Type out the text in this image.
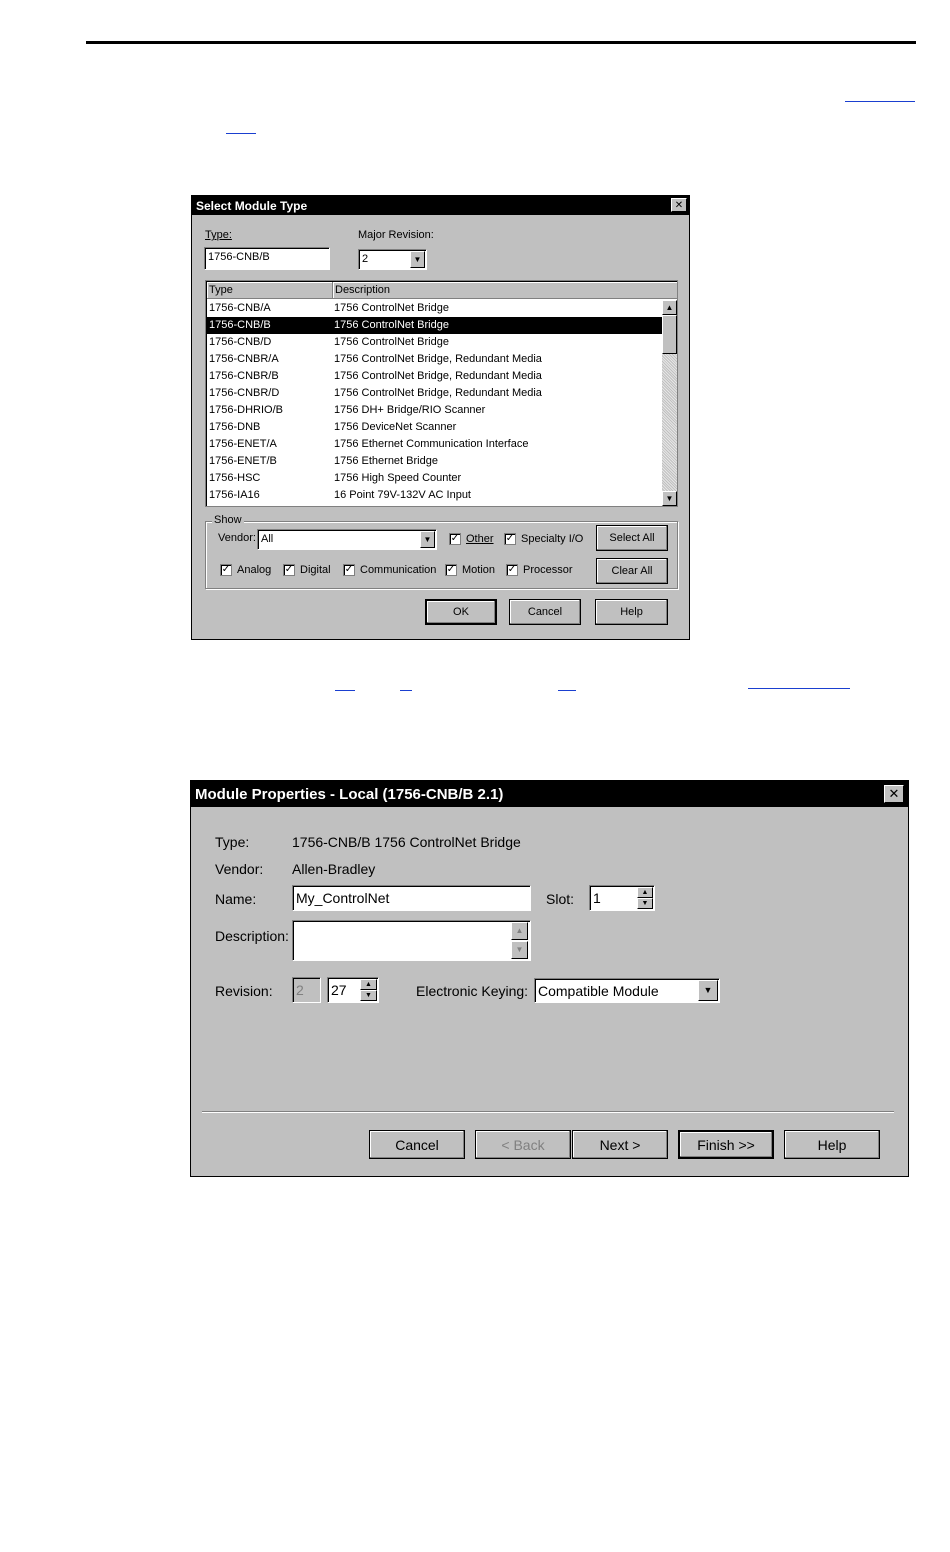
Select Module Type	✕
Type:
1756-CNB/B
Major Revision:
2	▼
Type	Description
1756-CNB/A	1756 ControlNet Bridge
1756-CNB/B	1756 ControlNet Bridge
1756-CNB/D	1756 ControlNet Bridge
1756-CNBR/A	1756 ControlNet Bridge, Redundant Media
1756-CNBR/B	1756 ControlNet Bridge, Redundant Media
1756-CNBR/D	1756 ControlNet Bridge, Redundant Media
1756-DHRIO/B	1756 DH+ Bridge/RIO Scanner
1756-DNB	1756 DeviceNet Scanner
1756-ENET/A	1756 Ethernet Communication Interface
1756-ENET/B	1756 Ethernet Bridge
1756-HSC	1756 High Speed Counter
1756-IA16	16 Point 79V-132V AC Input
▲
▼
Show
Vendor: All	▼	✓ Other ✓ Specialty I/O Select All
Clear All
✓ Analog ✓ Digital ✓ Communication ✓ Motion ✓ Processor
OK	Cancel	Help
Module Properties - Local (1756-CNB/B 2.1)	✕
Type:	1756-CNB/B 1756 ControlNet Bridge
Vendor: Allen-Bradley
Name:	My_ControlNet	Slot: 1	▲
▼
Description:	▲
▼
Revision: 2 27	▲
▼	Electronic Keying: Compatible Module	▼
Cancel	< Back	Next >	Finish >>	Help
